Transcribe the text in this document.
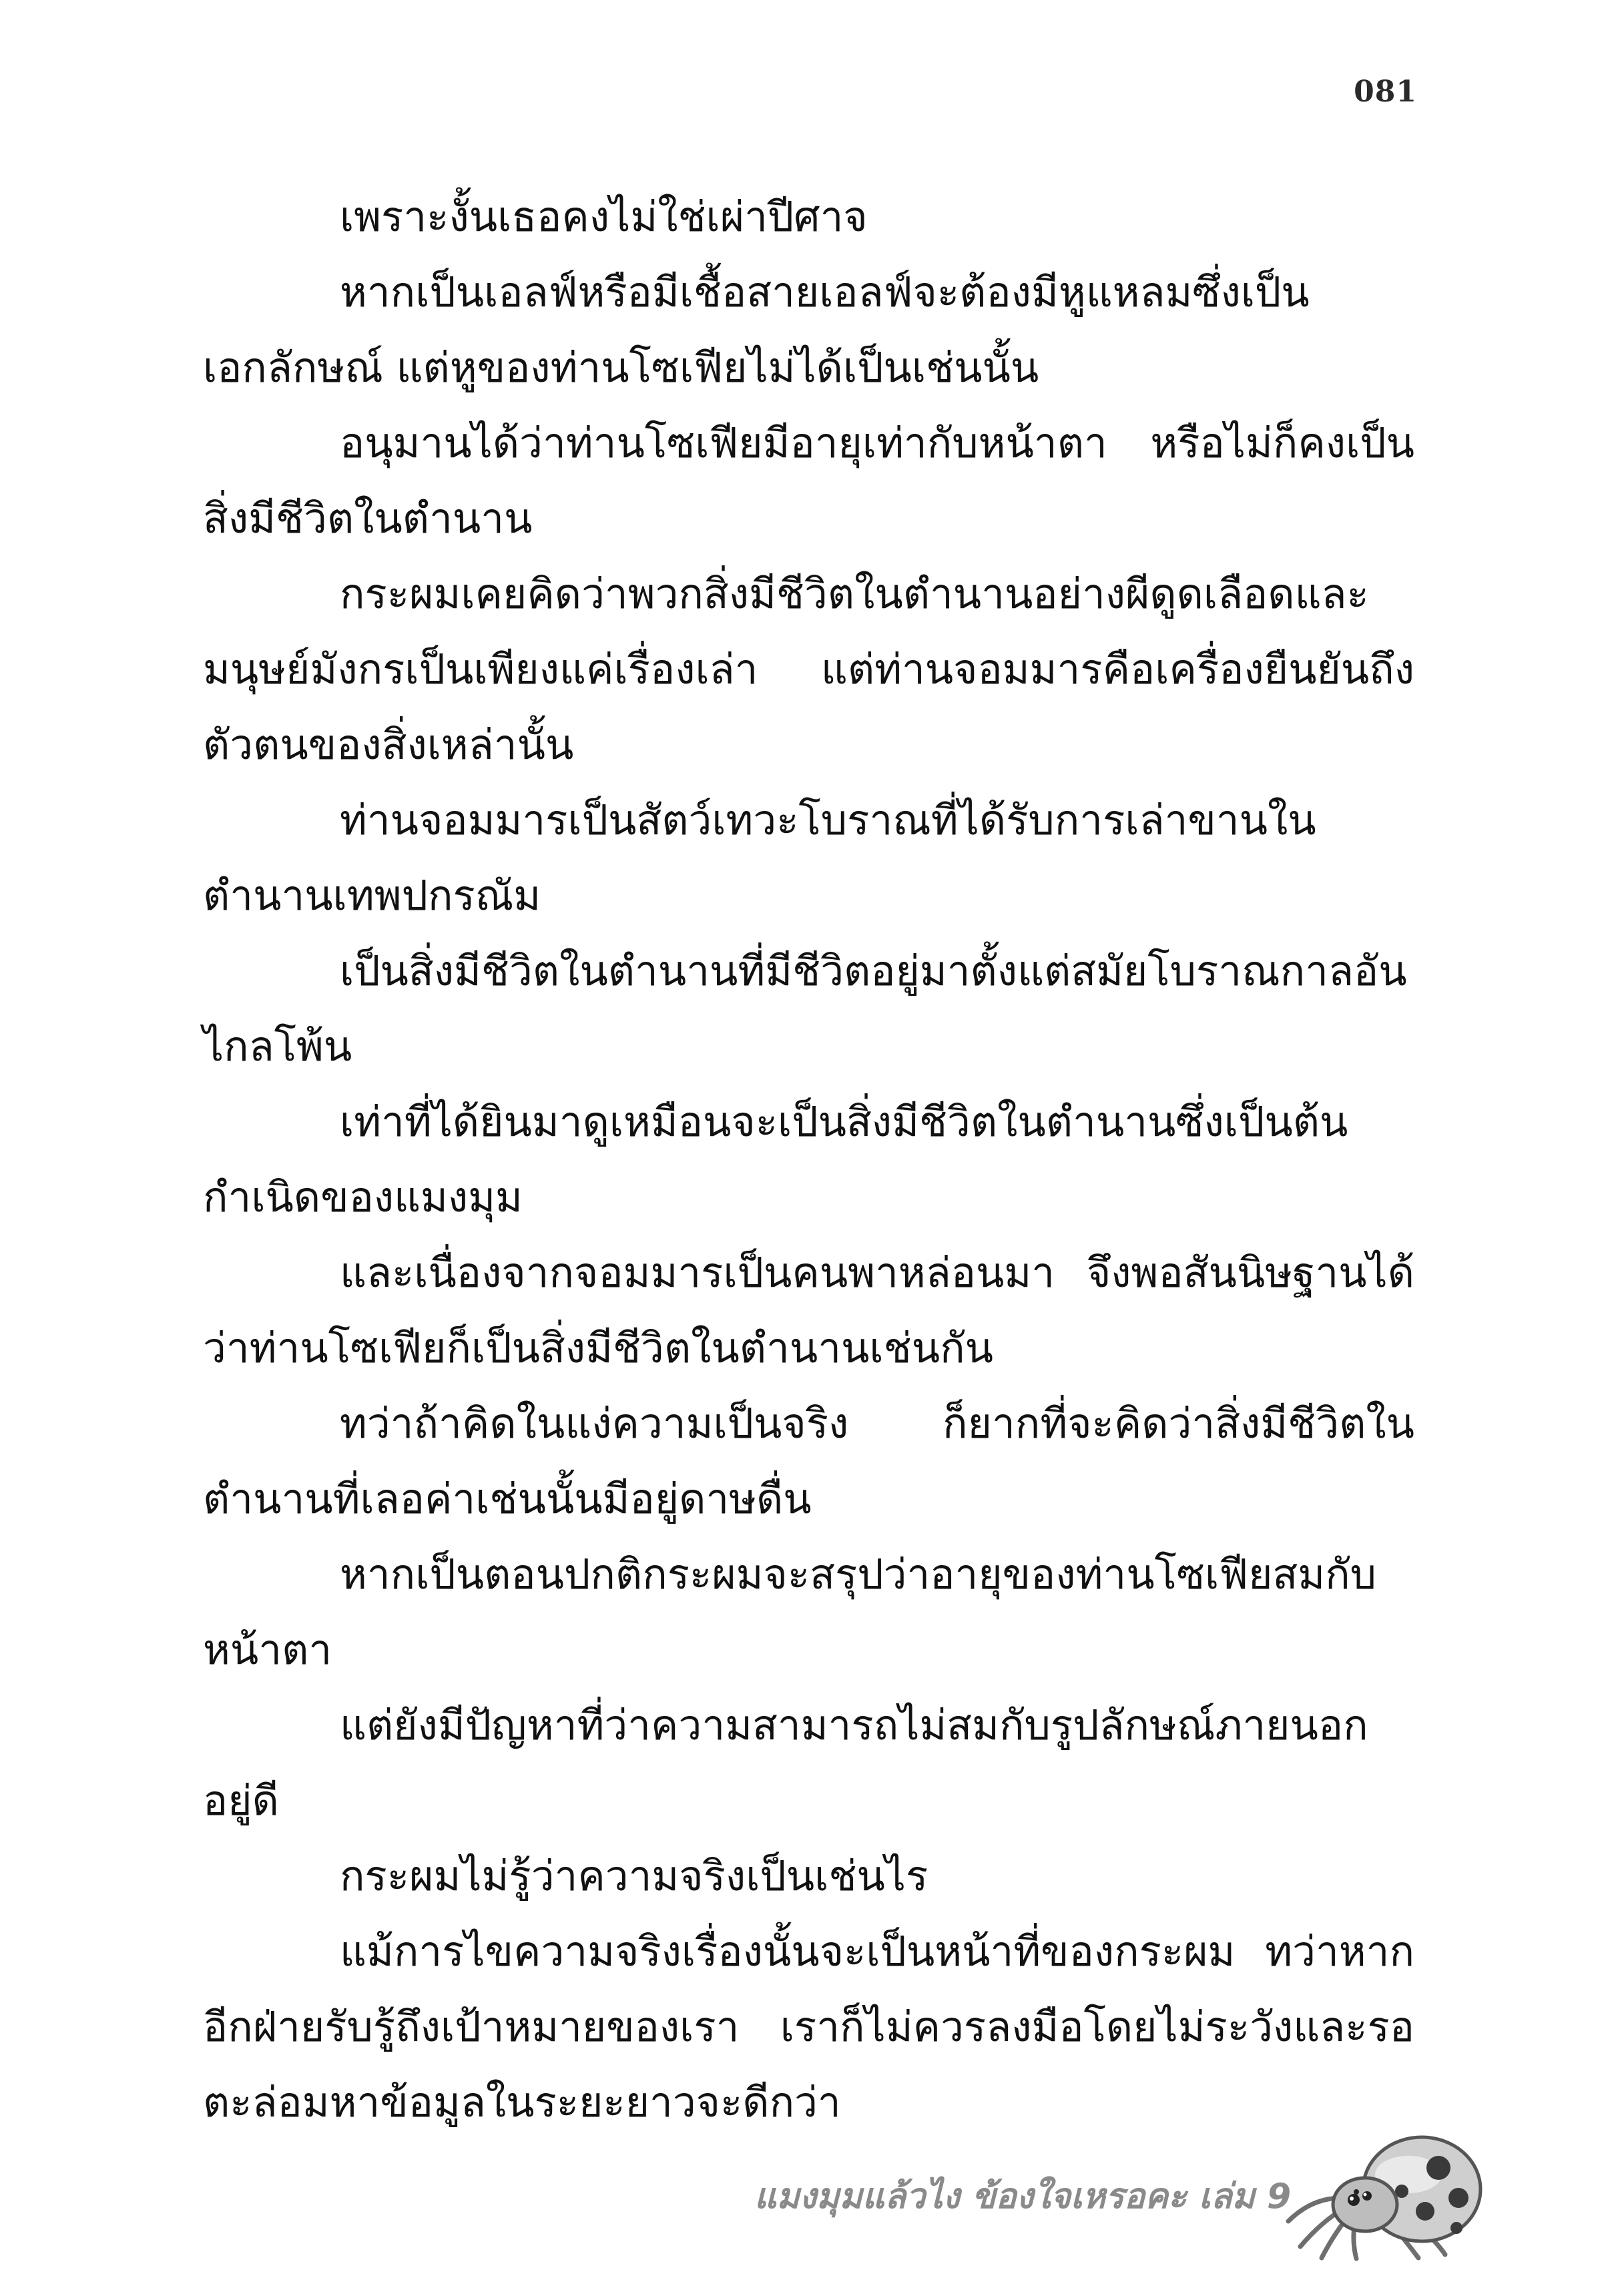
081

เพราะงั้นเธอคงไม่ใช่เผ่าปีศาจ

หากเป็นเอลฟ์หรือมีเชื้อสายเอลฟ์จะต้องมีหูแหลมซึ่งเป็นเอกลักษณ์ แต่หูของท่านโซเฟียไม่ได้เป็นเช่นนั้น

อนุมานได้ว่าท่านโซเฟียมีอายุเท่ากับหน้าตา หรือไม่ก็คงเป็นสิ่งมีชีวิตในตำนาน

กระผมเคยคิดว่าพวกสิ่งมีชีวิตในตำนานอย่างผีดูดเลือดและมนุษย์มังกรเป็นเพียงแค่เรื่องเล่า แต่ท่านจอมมารคือเครื่องยืนยันถึงตัวตนของสิ่งเหล่านั้น

ท่านจอมมารเป็นสัตว์เทวะโบราณที่ได้รับการเล่าขานในตำนานเทพปกรณัม

เป็นสิ่งมีชีวิตในตำนานที่มีชีวิตอยู่มาตั้งแต่สมัยโบราณกาลอันไกลโพ้น

เท่าที่ได้ยินมาดูเหมือนจะเป็นสิ่งมีชีวิตในตำนานซึ่งเป็นต้นกำเนิดของแมงมุม

และเนื่องจากจอมมารเป็นคนพาหล่อนมา จึงพอสันนิษฐานได้ว่าท่านโซเฟียก็เป็นสิ่งมีชีวิตในตำนานเช่นกัน

ทว่าถ้าคิดในแง่ความเป็นจริง ก็ยากที่จะคิดว่าสิ่งมีชีวิตในตำนานที่เลอค่าเช่นนั้นมีอยู่ดาษดื่น

หากเป็นตอนปกติกระผมจะสรุปว่าอายุของท่านโซเฟียสมกับหน้าตา

แต่ยังมีปัญหาที่ว่าความสามารถไม่สมกับรูปลักษณ์ภายนอกอยู่ดี

กระผมไม่รู้ว่าความจริงเป็นเช่นไร

แม้การไขความจริงเรื่องนั้นจะเป็นหน้าที่ของกระผม ทว่าหากอีกฝ่ายรับรู้ถึงเป้าหมายของเรา เราก็ไม่ควรลงมือโดยไม่ระวังและรอตะล่อมหาข้อมูลในระยะยาวจะดีกว่า

แมงมุมแล้วไง ข้องใจเหรอคะ เล่ม 9
